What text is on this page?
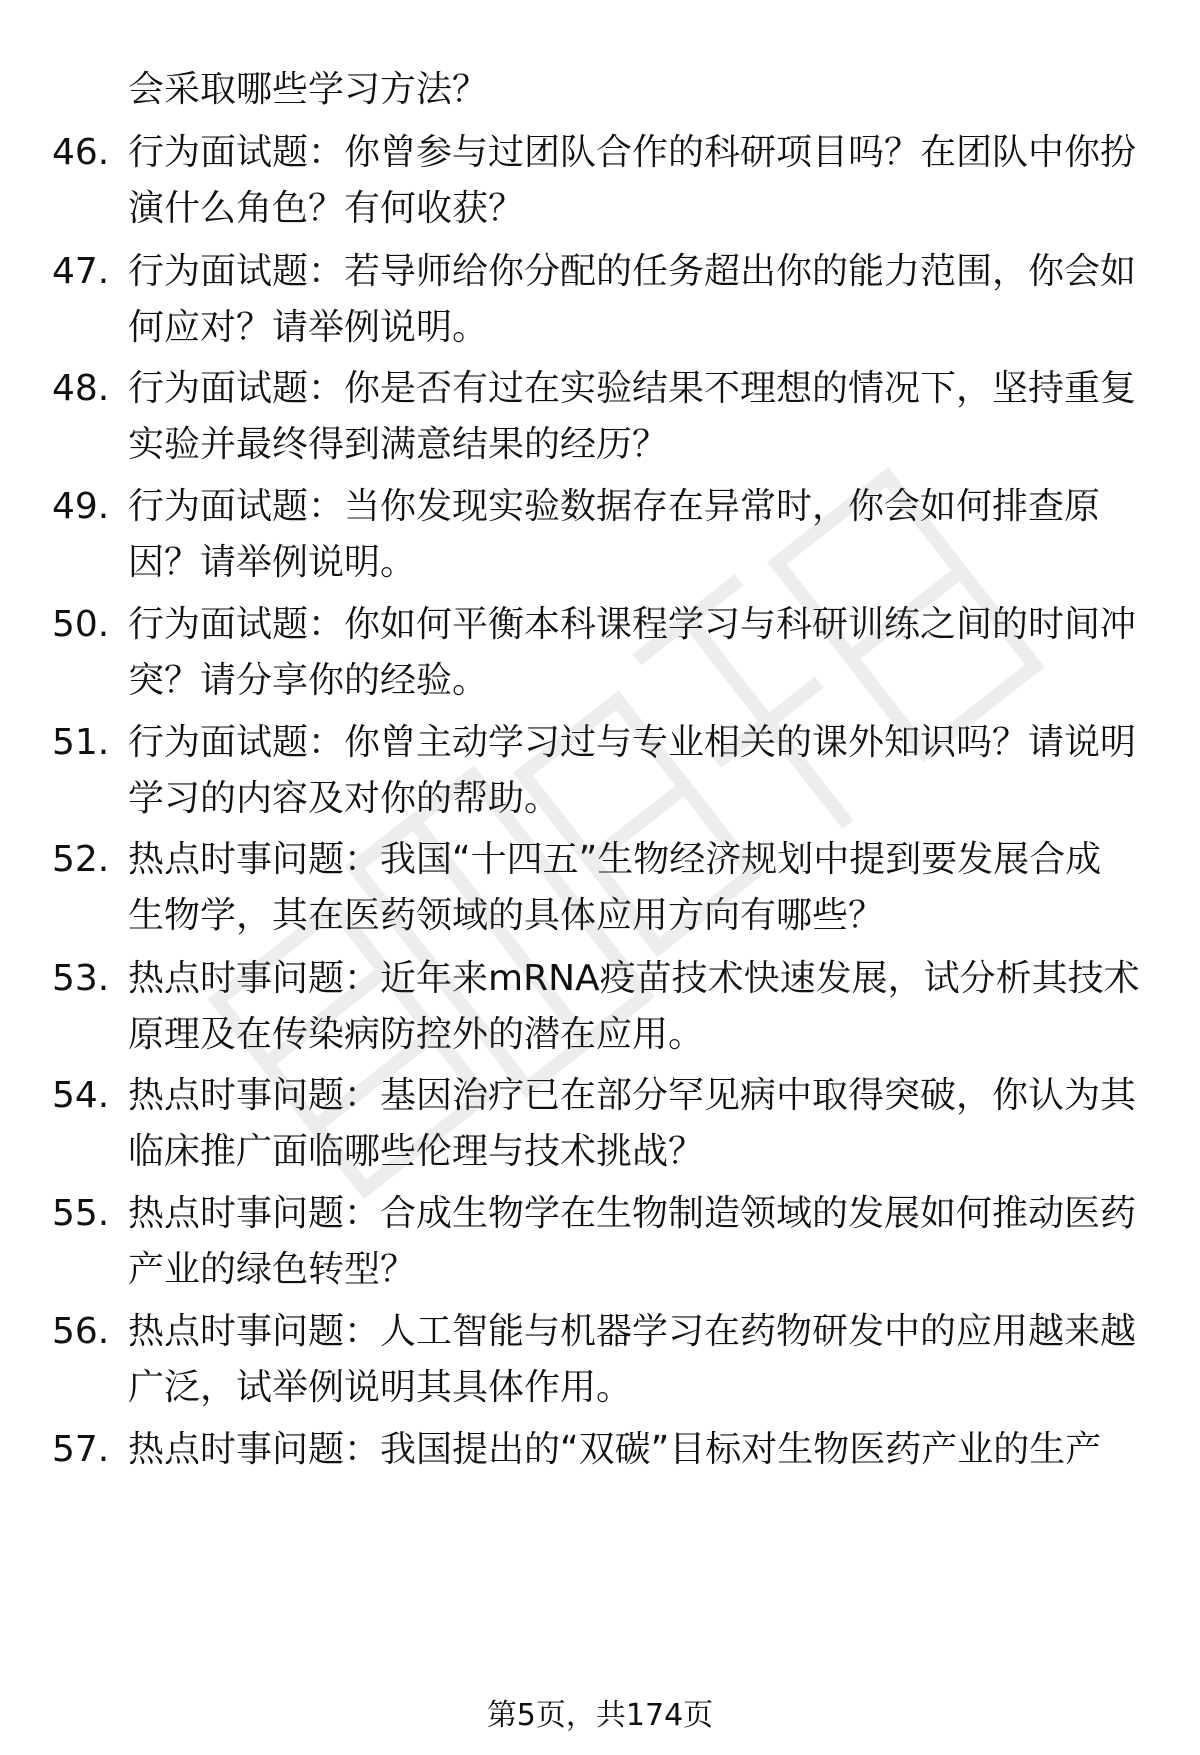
会采取哪些学习方法？
46. 行为面试题：你曾参与过团队合作的科研项目吗？在团队中你扮
演什么角色？有何收获？
47. 行为面试题：若导师给你分配的任务超出你的能力范围，你会如
何应对？请举例说明。
48. 行为面试题：你是否有过在实验结果不理想的情况下，坚持重复
实验并最终得到满意结果的经历？
49. 行为面试题：当你发现实验数据存在异常时，你会如何排查原
因？请举例说明。
50. 行为面试题：你如何平衡本科课程学习与科研训练之间的时间冲
突？请分享你的经验。
51. 行为面试题：你曾主动学习过与专业相关的课外知识吗？请说明
学习的内容及对你的帮助。
52. 热点时事问题：我国“十四五”生物经济规划中提到要发展合成
生物学，其在医药领域的具体应用方向有哪些？
53. 热点时事问题：近年来mRNA疫苗技术快速发展，试分析其技术
原理及在传染病防控外的潜在应用。
54. 热点时事问题：基因治疗已在部分罕见病中取得突破，你认为其
临床推广面临哪些伦理与技术挑战？
55. 热点时事问题：合成生物学在生物制造领域的发展如何推动医药
产业的绿色转型？
56. 热点时事问题：人工智能与机器学习在药物研发中的应用越来越
广泛，试举例说明其具体作用。
57. 热点时事问题：我国提出的“双碳”目标对生物医药产业的生产
第5页，共174页
